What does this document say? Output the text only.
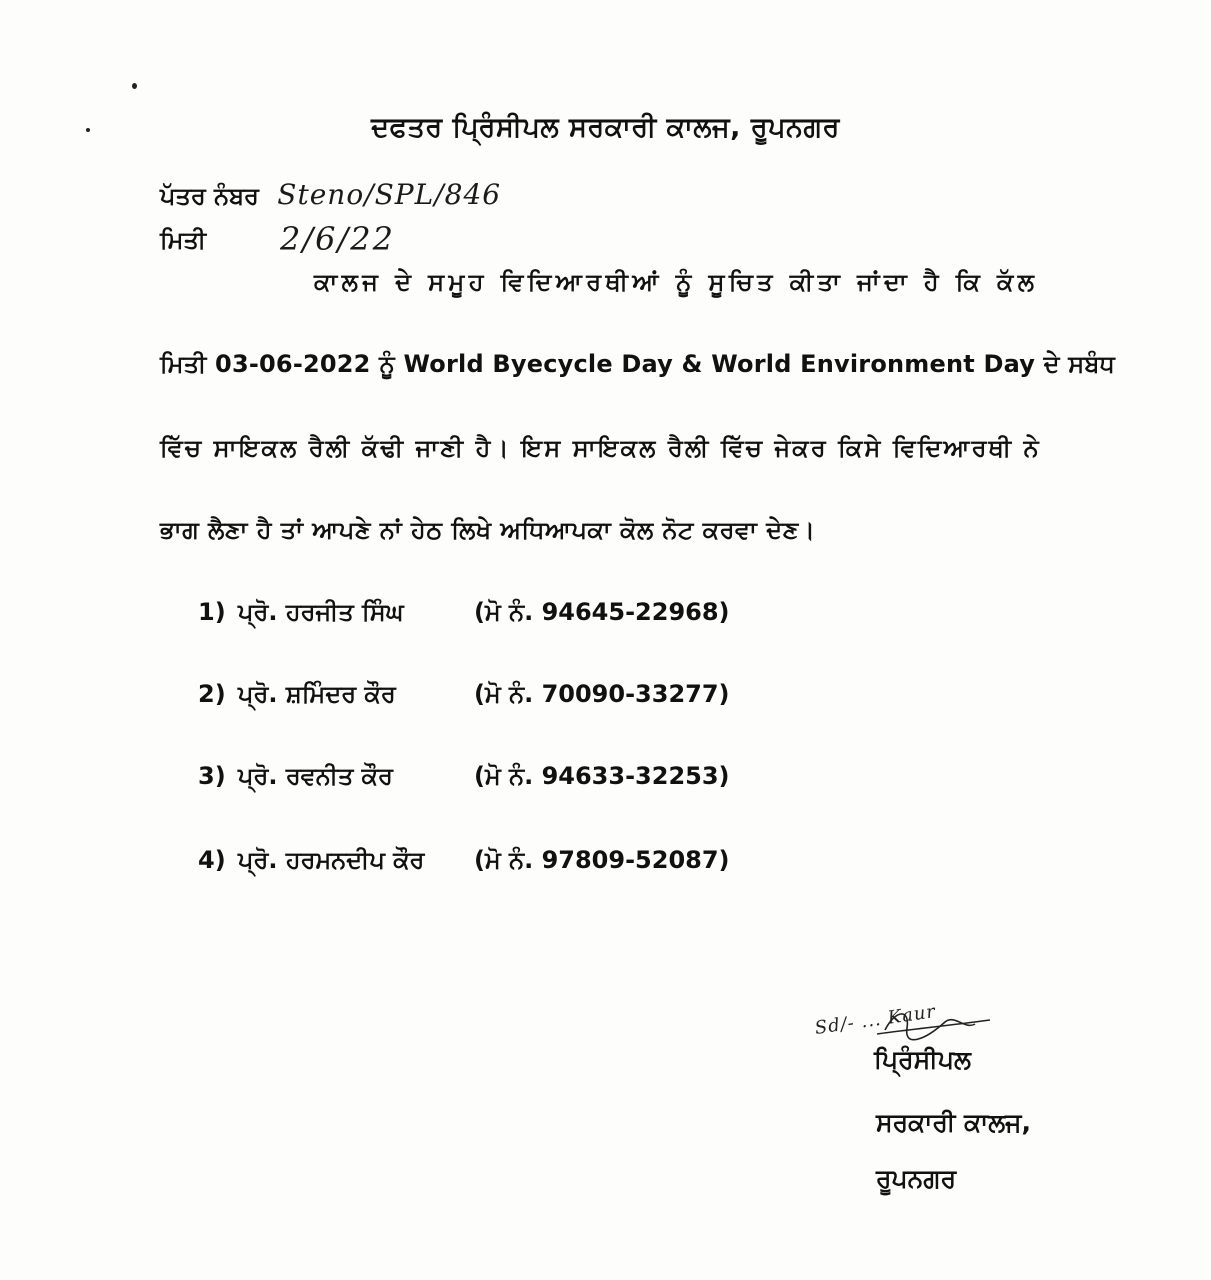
ਦਫਤਰ ਪ੍ਰਿੰਸੀਪਲ ਸਰਕਾਰੀ ਕਾਲਜ, ਰੂਪਨਗਰ
ਪੱਤਰ ਨੰਬਰ Steno/SPL/846
ਮਿਤੀ 2/6/22
ਕਾਲਜ ਦੇ ਸਮੂਹ ਵਿਦਿਆਰਥੀਆਂ ਨੂੰ ਸੂਚਿਤ ਕੀਤਾ ਜਾਂਦਾ ਹੈ ਕਿ ਕੱਲ
ਮਿਤੀ 03-06-2022 ਨੂੰ World Byecycle Day & World Environment Day ਦੇ ਸਬੰਧ
ਵਿੱਚ ਸਾਇਕਲ ਰੈਲੀ ਕੱਢੀ ਜਾਣੀ ਹੈ। ਇਸ ਸਾਇਕਲ ਰੈਲੀ ਵਿੱਚ ਜੇਕਰ ਕਿਸੇ ਵਿਦਿਆਰਥੀ ਨੇ
ਭਾਗ ਲੈਣਾ ਹੈ ਤਾਂ ਆਪਣੇ ਨਾਂ ਹੇਠ ਲਿਖੇ ਅਧਿਆਪਕਾ ਕੋਲ ਨੋਟ ਕਰਵਾ ਦੇਣ।
1) ਪ੍ਰੋ. ਹਰਜੀਤ ਸਿੰਘ	(ਮੋ ਨੰ. 94645-22968)
2) ਪ੍ਰੋ. ਸ਼ਮਿੰਦਰ ਕੌਰ	(ਮੋ ਨੰ. 70090-33277)
3) ਪ੍ਰੋ. ਰਵਨੀਤ ਕੌਰ	(ਮੋ ਨੰ. 94633-32253)
4) ਪ੍ਰੋ. ਹਰਮਨਦੀਪ ਕੌਰ (ਮੋ ਨੰ. 97809-52087)
Sd/- ... Kaur
ਪ੍ਰਿੰਸੀਪਲ
ਸਰਕਾਰੀ ਕਾਲਜ,
ਰੂਪਨਗਰ
